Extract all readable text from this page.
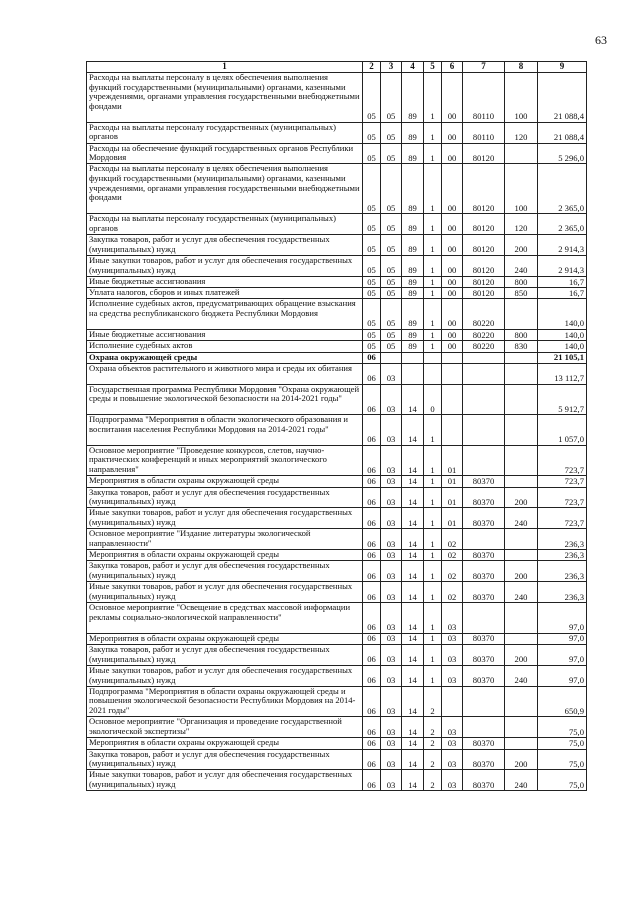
63
1	2	3	4	5	6	7	8	9
Расходы на выплаты персоналу в целях обеспечения выполнения функций государственными (муниципальными) органами, казенными учреждениями, органами управления государственными внебюджетными фондами	05	05	89	1	00	80110	100	21 088,4
Расходы на выплаты персоналу государственных (муниципальных) органов	05	05	89	1	00	80110	120	21 088,4
Расходы на обеспечение функций государственных органов Республики Мордовия	05	05	89	1	00	80120		5 296,0
Расходы на выплаты персоналу в целях обеспечения выполнения функций государственными (муниципальными) органами, казенными учреждениями, органами управления государственными внебюджетными фондами	05	05	89	1	00	80120	100	2 365,0
Расходы на выплаты персоналу государственных (муниципальных) органов	05	05	89	1	00	80120	120	2 365,0
Закупка товаров, работ и услуг для обеспечения государственных (муниципальных) нужд	05	05	89	1	00	80120	200	2 914,3
Иные закупки товаров, работ и услуг для обеспечения государственных (муниципальных) нужд	05	05	89	1	00	80120	240	2 914,3
Иные бюджетные ассигнования	05	05	89	1	00	80120	800	16,7
Уплата налогов, сборов и иных платежей	05	05	89	1	00	80120	850	16,7
Исполнение судебных актов, предусматривающих обращение взыскания на средства республиканского бюджета Республики Мордовия	05	05	89	1	00	80220		140,0
Иные бюджетные ассигнования	05	05	89	1	00	80220	800	140,0
Исполнение судебных актов	05	05	89	1	00	80220	830	140,0
Охрана окружающей среды	06							21 105,1
Охрана объектов растительного и животного мира и среды их обитания	06	03						13 112,7
Государственная программа Республики Мордовия "Охрана окружающей среды и повышение экологической безопасности на 2014-2021 годы"	06	03	14	0				5 912,7
Подпрограмма "Мероприятия в области экологического образования и воспитания населения Республики Мордовия на 2014-2021 годы"	06	03	14	1				1 057,0
Основное мероприятие "Проведение конкурсов, слетов, научно-практических конференций и иных мероприятий экологического направления"	06	03	14	1	01			723,7
Мероприятия в области охраны окружающей среды	06	03	14	1	01	80370		723,7
Закупка товаров, работ и услуг для обеспечения государственных (муниципальных) нужд	06	03	14	1	01	80370	200	723,7
Иные закупки товаров, работ и услуг для обеспечения государственных (муниципальных) нужд	06	03	14	1	01	80370	240	723,7
Основное мероприятие "Издание литературы экологической направленности"	06	03	14	1	02			236,3
Мероприятия в области охраны окружающей среды	06	03	14	1	02	80370		236,3
Закупка товаров, работ и услуг для обеспечения государственных (муниципальных) нужд	06	03	14	1	02	80370	200	236,3
Иные закупки товаров, работ и услуг для обеспечения государственных (муниципальных) нужд	06	03	14	1	02	80370	240	236,3
Основное мероприятие "Освещение в средствах массовой информации рекламы социально-экологической направленности"	06	03	14	1	03			97,0
Мероприятия в области охраны окружающей среды	06	03	14	1	03	80370		97,0
Закупка товаров, работ и услуг для обеспечения государственных (муниципальных) нужд	06	03	14	1	03	80370	200	97,0
Иные закупки товаров, работ и услуг для обеспечения государственных (муниципальных) нужд	06	03	14	1	03	80370	240	97,0
Подпрограмма "Мероприятия в области охраны окружающей среды и повышения экологической безопасности Республики Мордовия на 2014-2021 годы"	06	03	14	2				650,9
Основное мероприятие "Организация и проведение государственной экологической экспертизы"	06	03	14	2	03			75,0
Мероприятия в области охраны окружающей среды	06	03	14	2	03	80370		75,0
Закупка товаров, работ и услуг для обеспечения государственных (муниципальных) нужд	06	03	14	2	03	80370	200	75,0
Иные закупки товаров, работ и услуг для обеспечения государственных (муниципальных) нужд	06	03	14	2	03	80370	240	75,0
